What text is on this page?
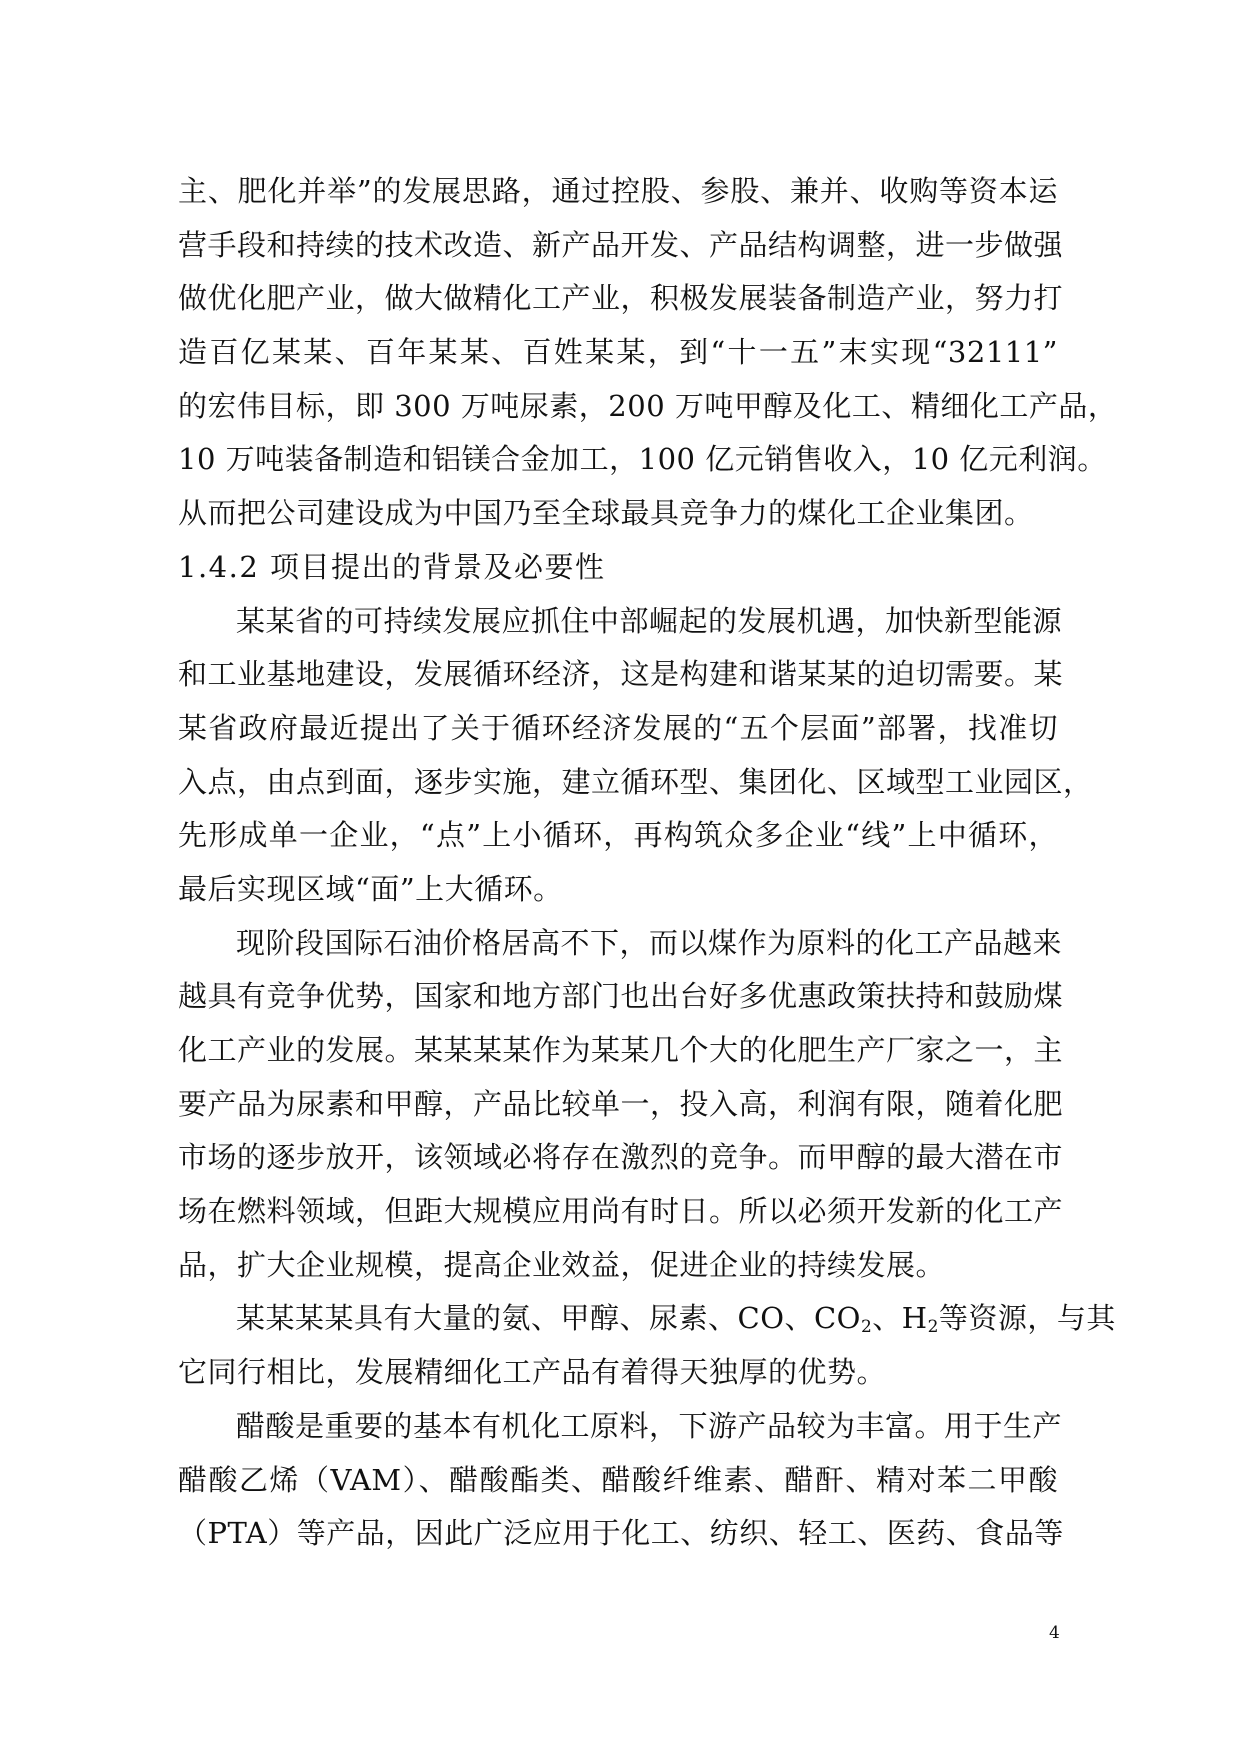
主、肥化并举”的发展思路，通过控股、参股、兼并、收购等资本运
营手段和持续的技术改造、新产品开发、产品结构调整，进一步做强
做优化肥产业，做大做精化工产业，积极发展装备制造产业，努力打
造百亿某某、百年某某、百姓某某，到“十一五”末实现“32111”
的宏伟目标，即 300 万吨尿素，200 万吨甲醇及化工、精细化工产品，
10 万吨装备制造和铝镁合金加工，100 亿元销售收入，10 亿元利润。
从而把公司建设成为中国乃至全球最具竞争力的煤化工企业集团。
1.4.2 项目提出的背景及必要性
某某省的可持续发展应抓住中部崛起的发展机遇，加快新型能源
和工业基地建设，发展循环经济，这是构建和谐某某的迫切需要。某
某省政府最近提出了关于循环经济发展的“五个层面”部署，找准切
入点，由点到面，逐步实施，建立循环型、集团化、区域型工业园区，
先形成单一企业，“点”上小循环，再构筑众多企业“线”上中循环，
最后实现区域“面”上大循环。
现阶段国际石油价格居高不下，而以煤作为原料的化工产品越来
越具有竞争优势，国家和地方部门也出台好多优惠政策扶持和鼓励煤
化工产业的发展。某某某某作为某某几个大的化肥生产厂家之一，主
要产品为尿素和甲醇，产品比较单一，投入高，利润有限，随着化肥
市场的逐步放开，该领域必将存在激烈的竞争。而甲醇的最大潜在市
场在燃料领域，但距大规模应用尚有时日。所以必须开发新的化工产
品，扩大企业规模，提高企业效益，促进企业的持续发展。
某某某某具有大量的氨、甲醇、尿素、CO、$CO_2$、$H_2$等资源，与其
它同行相比，发展精细化工产品有着得天独厚的优势。
醋酸是重要的基本有机化工原料，下游产品较为丰富。用于生产
醋酸乙烯（VAM）、醋酸酯类、醋酸纤维素、醋酐、精对苯二甲酸
（PTA）等产品，因此广泛应用于化工、纺织、轻工、医药、食品等
4
